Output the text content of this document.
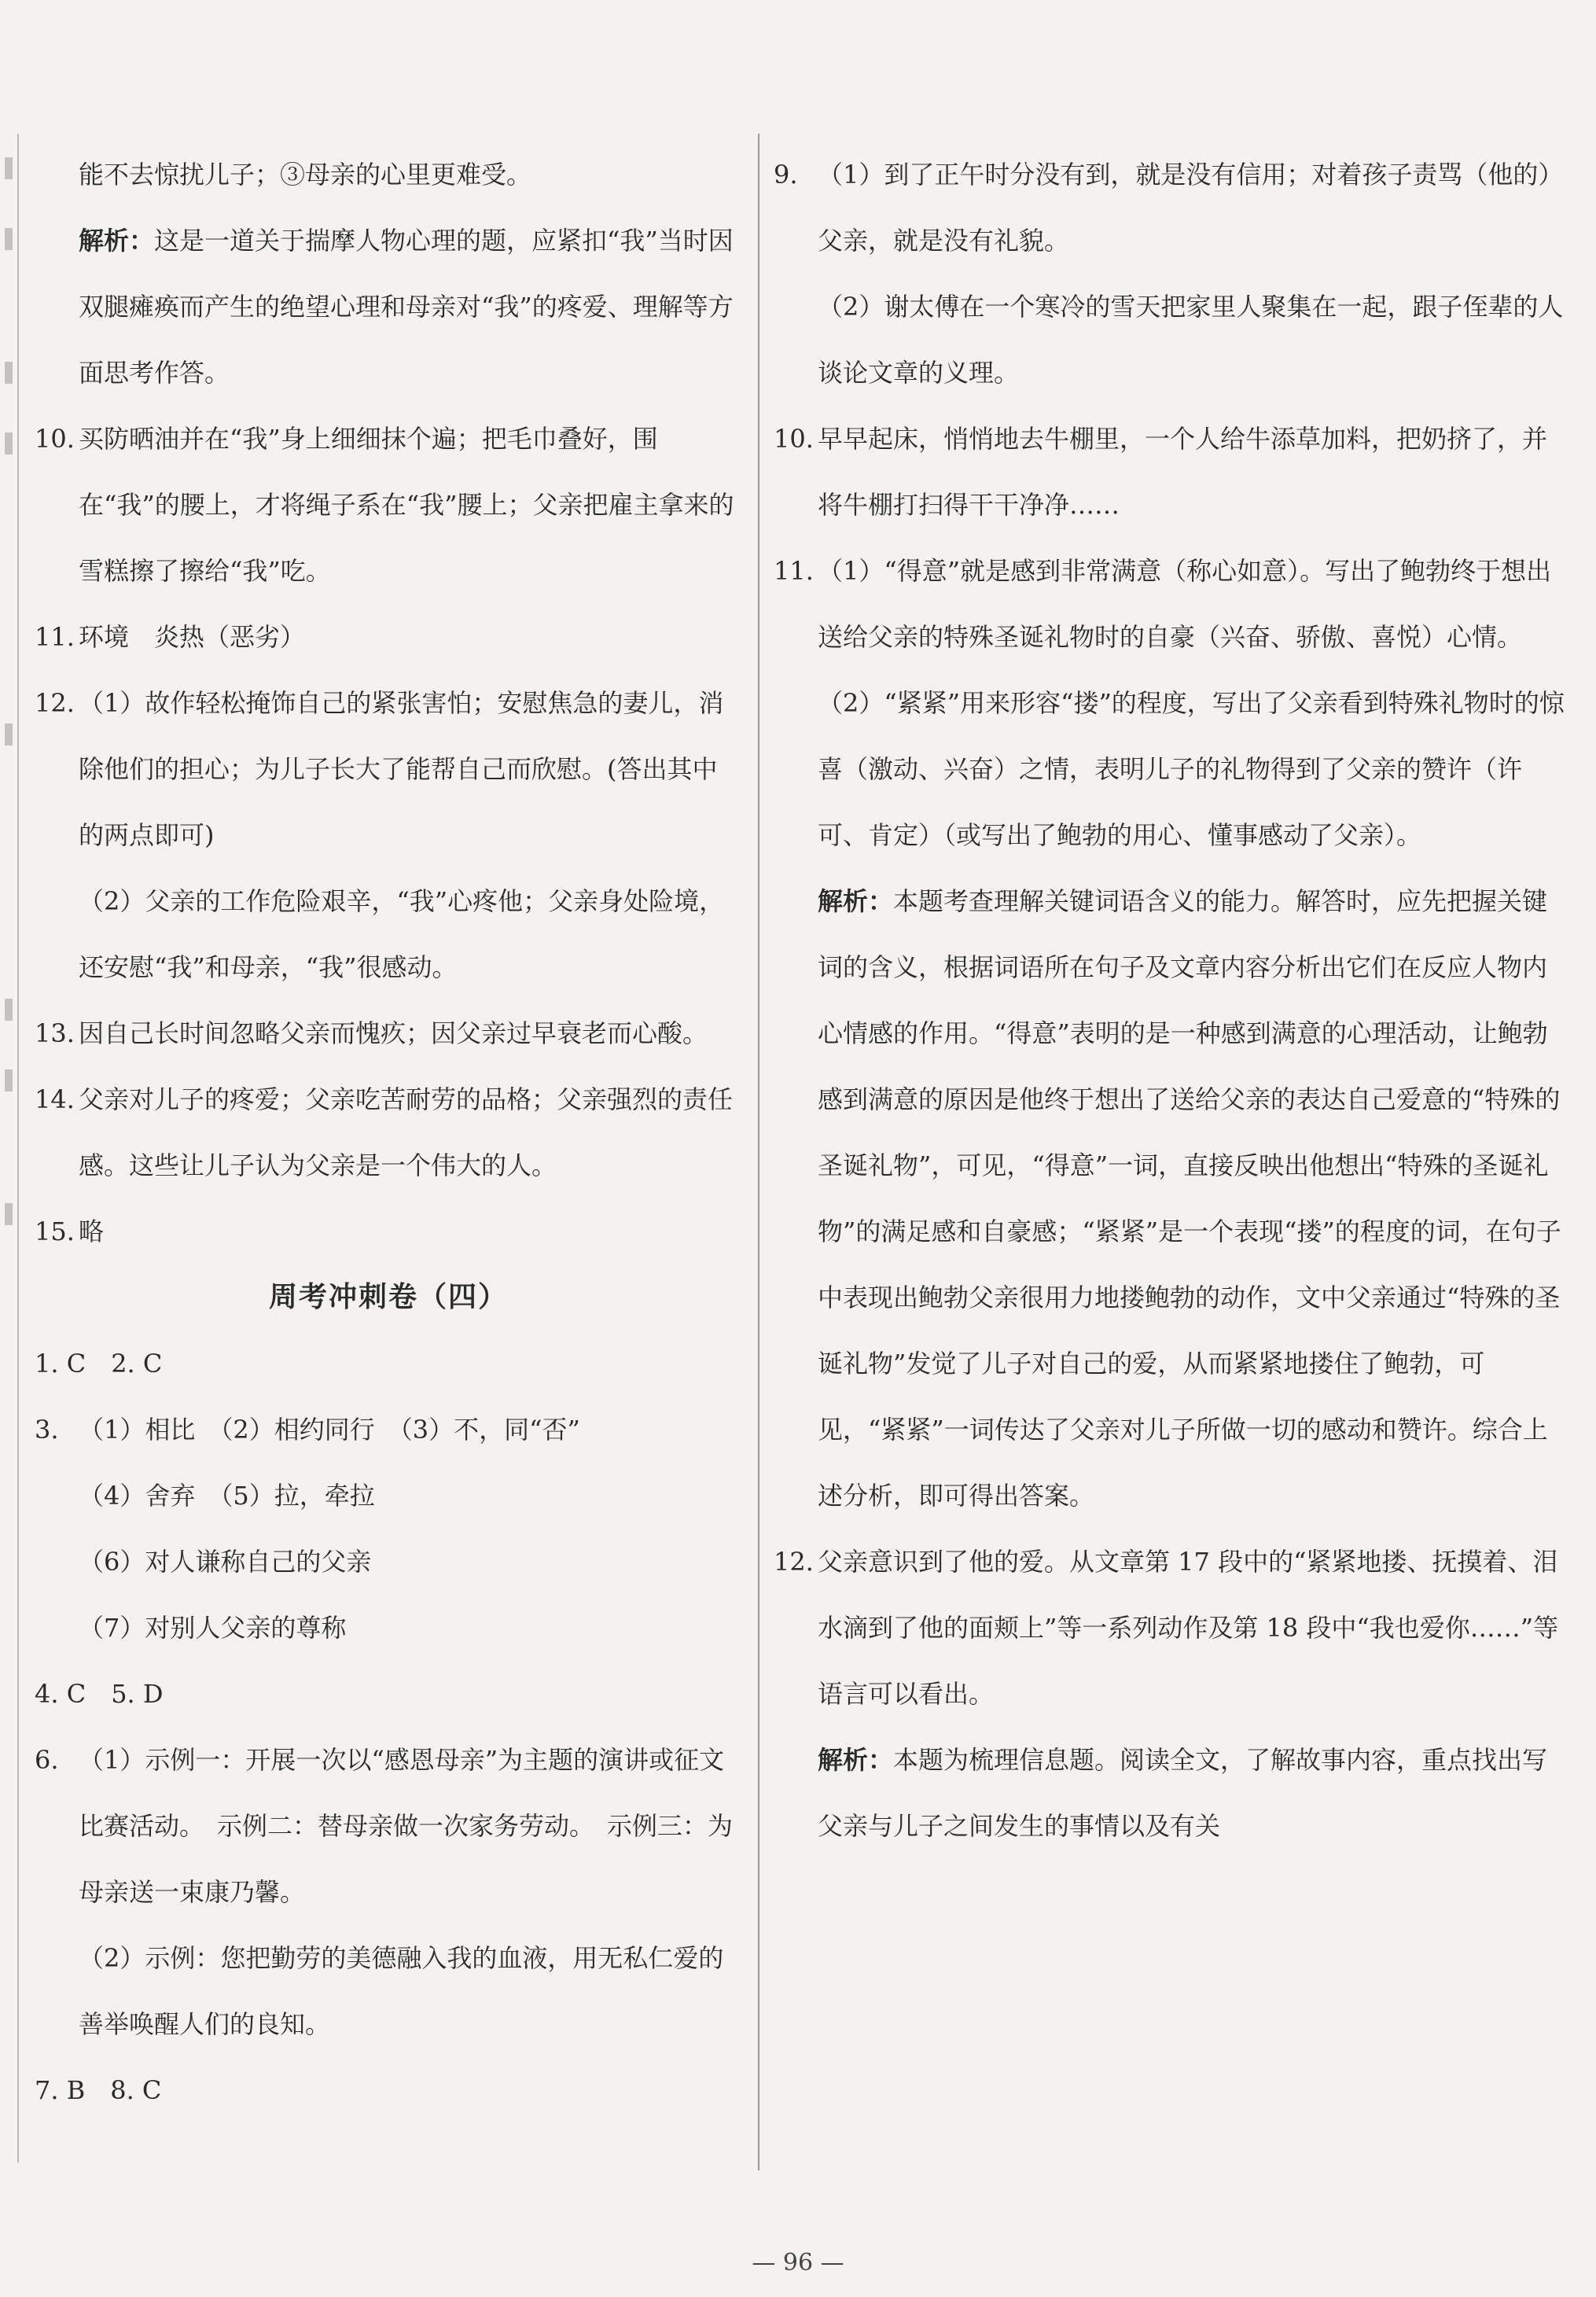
能不去惊扰儿子；③母亲的心里更难受。

解析：这是一道关于揣摩人物心理的题，应紧扣“我”当时因双腿瘫痪而产生的绝望心理和母亲对“我”的疼爱、理解等方面思考作答。

10. 买防晒油并在“我”身上细细抹个遍；把毛巾叠好，围在“我”的腰上，才将绳子系在“我”腰上；父亲把雇主拿来的雪糕擦了擦给“我”吃。

11. 环境　炎热（恶劣）

12. （1）故作轻松掩饰自己的紧张害怕；安慰焦急的妻儿，消除他们的担心；为儿子长大了能帮自己而欣慰。(答出其中的两点即可)

（2）父亲的工作危险艰辛，“我”心疼他；父亲身处险境，还安慰“我”和母亲，“我”很感动。

13. 因自己长时间忽略父亲而愧疚；因父亲过早衰老而心酸。

14. 父亲对儿子的疼爱；父亲吃苦耐劳的品格；父亲强烈的责任感。这些让儿子认为父亲是一个伟大的人。

15. 略

周考冲刺卷（四）

1. C　2. C

3. （1）相比　（2）相约同行　（3）不，同“否”

（4）舍弃　（5）拉，牵拉

（6）对人谦称自己的父亲

（7）对别人父亲的尊称

4. C　5. D

6. （1）示例一：开展一次以“感恩母亲”为主题的演讲或征文比赛活动。　示例二：替母亲做一次家务劳动。　示例三：为母亲送一束康乃馨。

（2）示例：您把勤劳的美德融入我的血液，用无私仁爱的善举唤醒人们的良知。

7. B　8. C

9. （1）到了正午时分没有到，就是没有信用；对着孩子责骂（他的）父亲，就是没有礼貌。

（2）谢太傅在一个寒冷的雪天把家里人聚集在一起，跟子侄辈的人谈论文章的义理。

10. 早早起床，悄悄地去牛棚里，一个人给牛添草加料，把奶挤了，并将牛棚打扫得干干净净……

11. （1）“得意”就是感到非常满意（称心如意）。写出了鲍勃终于想出送给父亲的特殊圣诞礼物时的自豪（兴奋、骄傲、喜悦）心情。

（2）“紧紧”用来形容“搂”的程度，写出了父亲看到特殊礼物时的惊喜（激动、兴奋）之情，表明儿子的礼物得到了父亲的赞许（许可、肯定）（或写出了鲍勃的用心、懂事感动了父亲）。

解析：本题考查理解关键词语含义的能力。解答时，应先把握关键词的含义，根据词语所在句子及文章内容分析出它们在反应人物内心情感的作用。“得意”表明的是一种感到满意的心理活动，让鲍勃感到满意的原因是他终于想出了送给父亲的表达自己爱意的“特殊的圣诞礼物”，可见，“得意”一词，直接反映出他想出“特殊的圣诞礼物”的满足感和自豪感；“紧紧”是一个表现“搂”的程度的词，在句子中表现出鲍勃父亲很用力地搂鲍勃的动作，文中父亲通过“特殊的圣诞礼物”发觉了儿子对自己的爱，从而紧紧地搂住了鲍勃，可见，“紧紧”一词传达了父亲对儿子所做一切的感动和赞许。综合上述分析，即可得出答案。

12. 父亲意识到了他的爱。从文章第 17 段中的“紧紧地搂、抚摸着、泪水滴到了他的面颊上”等一系列动作及第 18 段中“我也爱你……”等语言可以看出。

解析：本题为梳理信息题。阅读全文，了解故事内容，重点找出写父亲与儿子之间发生的事情以及有关

— 96 —
